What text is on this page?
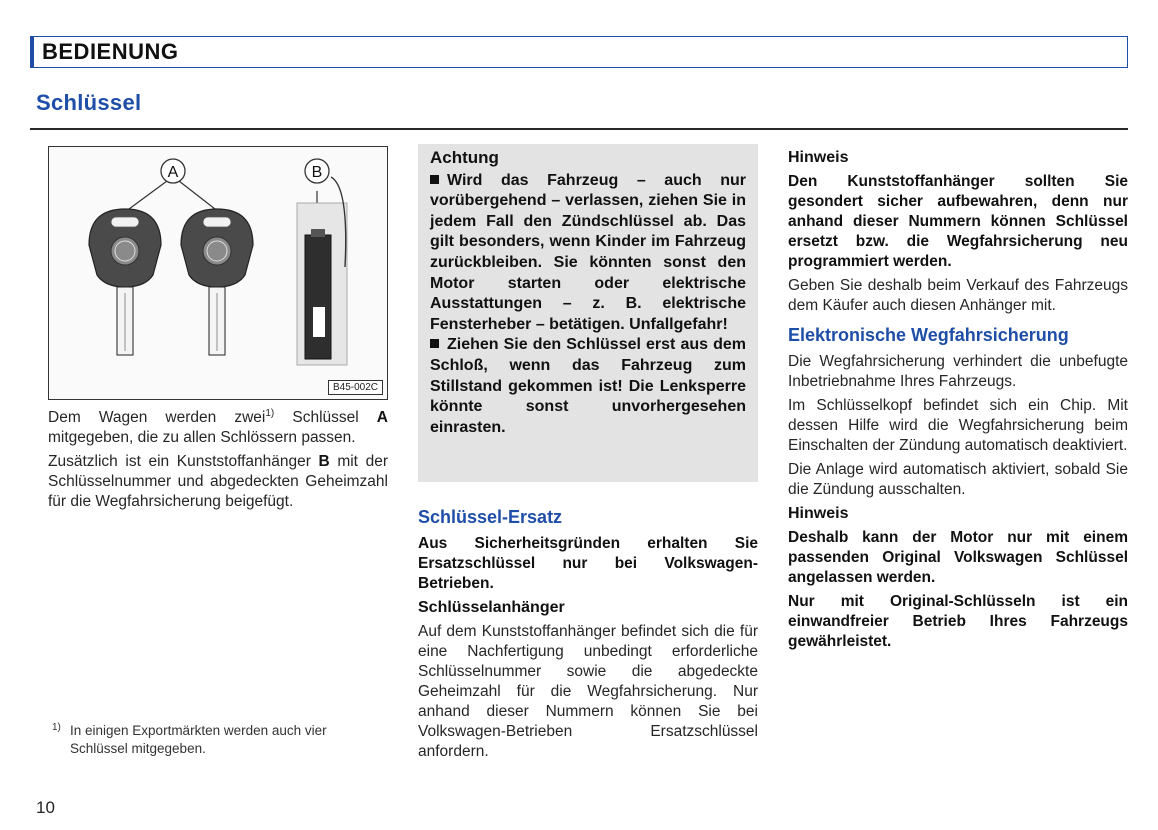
BEDIENUNG
Schlüssel
A	B
B45-002C

Dem Wagen werden zwei$^{1)}$ Schlüssel A mitgegeben, die zu allen Schlössern passen.

Zusätzlich ist ein Kunststoffanhänger B mit der Schlüsselnummer und abgedeckten Geheimzahl für die Wegfahrsicherung beigefügt.

1) In einigen Exportmärkten werden auch vier Schlüssel mitgegeben.
Achtung
Wird das Fahrzeug – auch nur vorübergehend – verlassen, ziehen Sie in jedem Fall den Zündschlüssel ab. Das gilt besonders, wenn Kinder im Fahrzeug zurückbleiben. Sie könnten sonst den Motor starten oder elektrische Ausstattungen – z. B. elektrische Fensterheber – betätigen. Unfallgefahr!
Ziehen Sie den Schlüssel erst aus dem Schloß, wenn das Fahrzeug zum Stillstand gekommen ist! Die Lenksperre könnte sonst unvorhergesehen einrasten.
Schlüssel-Ersatz

Aus Sicherheitsgründen erhalten Sie Ersatzschlüssel nur bei Volkswagen-Betrieben.

Schlüsselanhänger

Auf dem Kunststoffanhänger befindet sich die für eine Nachfertigung unbedingt erforderliche Schlüsselnummer sowie die abgedeckte Geheimzahl für die Wegfahrsicherung. Nur anhand dieser Nummern können Sie bei Volkswagen-Betrieben Ersatzschlüssel anfordern.

Hinweis

Den Kunststoffanhänger sollten Sie gesondert sicher aufbewahren, denn nur anhand dieser Nummern können Schlüssel ersetzt bzw. die Wegfahrsicherung neu programmiert werden.

Geben Sie deshalb beim Verkauf des Fahrzeugs dem Käufer auch diesen Anhänger mit.

Elektronische Wegfahrsicherung

Die Wegfahrsicherung verhindert die unbefugte Inbetriebnahme Ihres Fahrzeugs.

Im Schlüsselkopf befindet sich ein Chip. Mit dessen Hilfe wird die Wegfahrsicherung beim Einschalten der Zündung automatisch deaktiviert.

Die Anlage wird automatisch aktiviert, sobald Sie die Zündung ausschalten.

Hinweis

Deshalb kann der Motor nur mit einem passenden Original Volkswagen Schlüssel angelassen werden.

Nur mit Original-Schlüsseln ist ein einwandfreier Betrieb Ihres Fahrzeugs gewährleistet.

10
